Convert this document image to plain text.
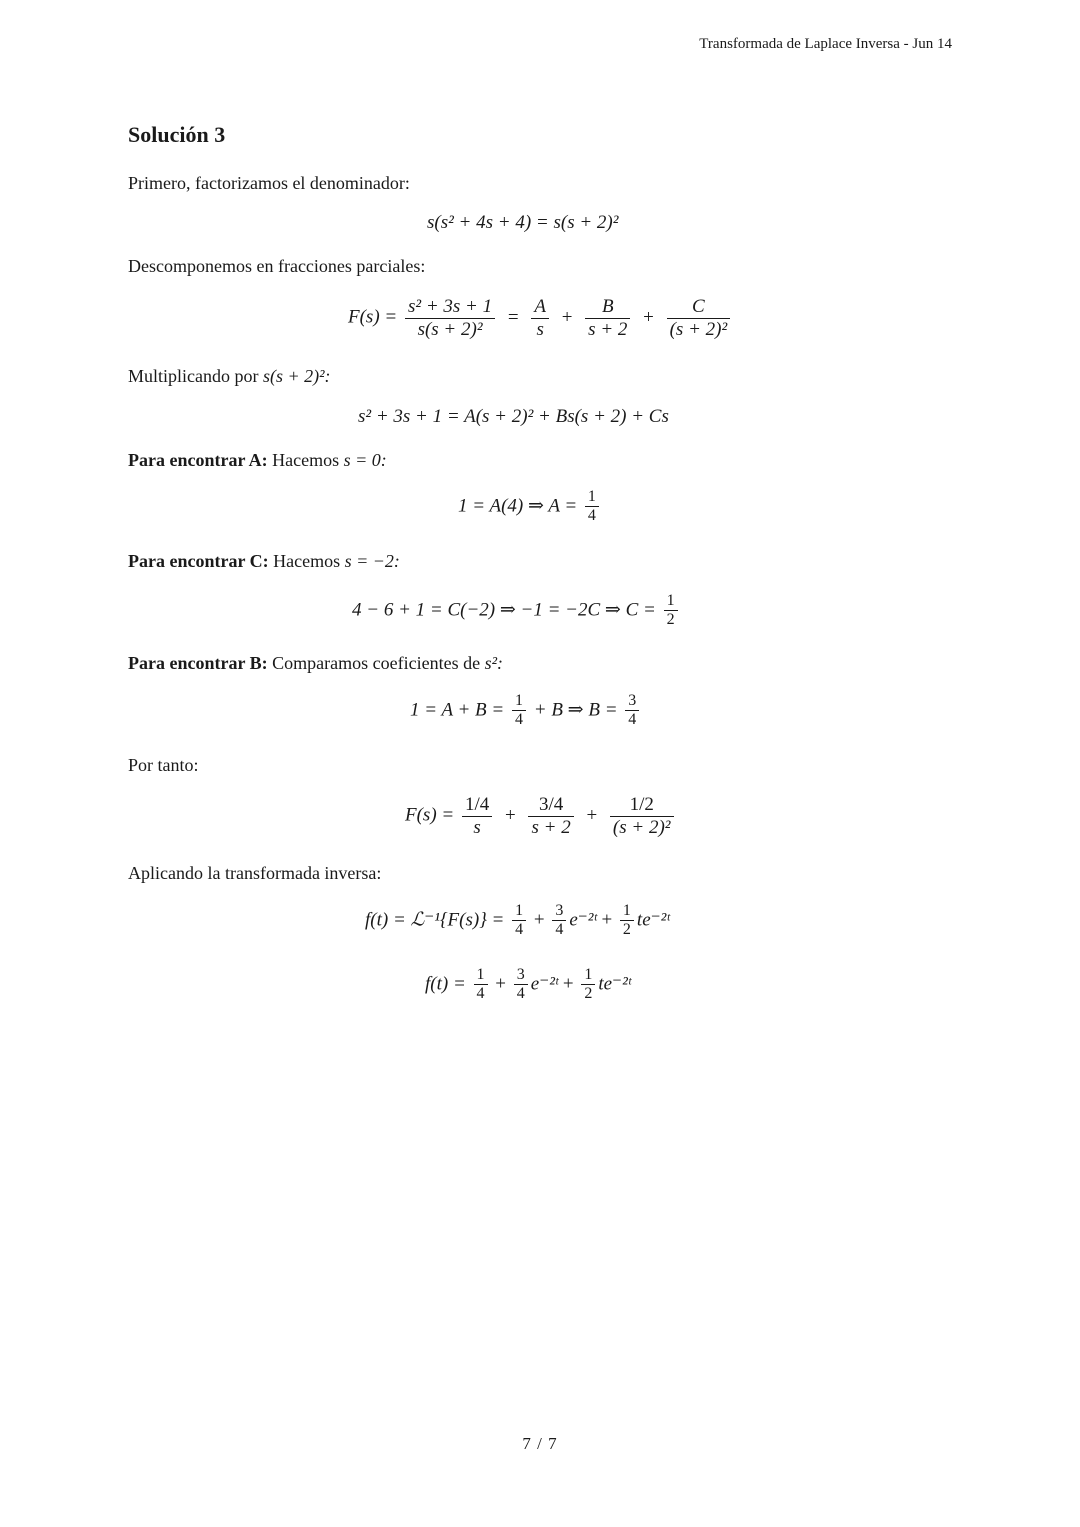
Transformada de Laplace Inversa - Jun 14
Solución 3
Primero, factorizamos el denominador:
s(s² + 4s + 4) = s(s + 2)²
Descomponemos en fracciones parciales:
$F(s) = \frac{\text{s² + 3s + 1}}{\text{s(s + 2)²}} = \frac{A}{s} + \frac{B}{s + 2} + \frac{C}{\text{(s + 2)²}}$
Multiplicando por s(s + 2)²:
s² + 3s + 1 = A(s + 2)² + Bs(s + 2) + Cs
Para encontrar A: Hacemos s = 0:
1 = A(4) ⇒ $A = \frac{1}{4}$
Para encontrar C: Hacemos s = −2:
4 − 6 + 1 = C(−2) ⇒ −1 = −2C ⇒ $C = \frac{1}{2}$
Para encontrar B: Comparamos coeficientes de s²:
$1 = A + B = \frac{1}{4} + B$ ⇒ $B = \frac{3}{4}$
Por tanto:
$F(s) = \frac{1/4}{s} + \frac{3/4}{s + 2} + \frac{1/2}{\text{(s + 2)²}}$
Aplicando la transformada inversa:
f(t) = ℒ⁻¹{F(s)} = $\frac{1}{4} + \frac{3}{4}$ e⁻²ᵗ + $\frac{1}{2}$ te⁻²ᵗ
$f(t) = \frac{1}{4} + \frac{3}{4}$ e⁻²ᵗ + $\frac{1}{2}$ te⁻²ᵗ
7 / 7
